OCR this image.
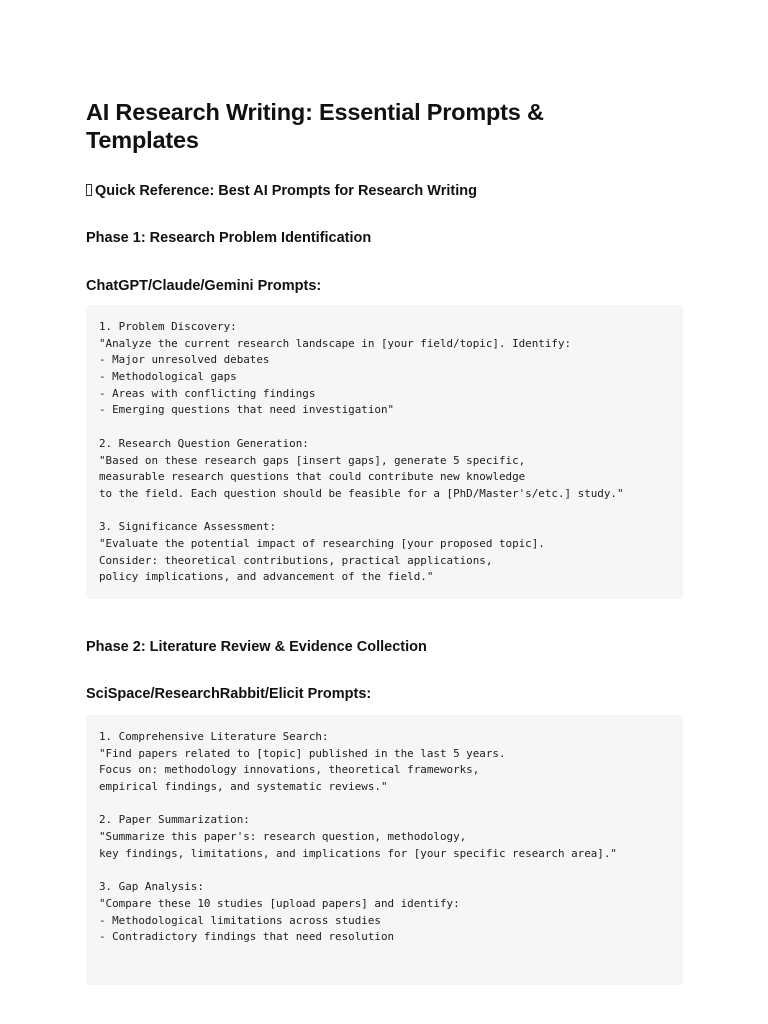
AI Research Writing: Essential Prompts & Templates
Quick Reference: Best AI Prompts for Research Writing
Phase 1: Research Problem Identification
ChatGPT/Claude/Gemini Prompts:
1. Problem Discovery:
"Analyze the current research landscape in [your field/topic]. Identify:
- Major unresolved debates
- Methodological gaps
- Areas with conflicting findings
- Emerging questions that need investigation"
2. Research Question Generation:
"Based on these research gaps [insert gaps], generate 5 specific,
measurable research questions that could contribute new knowledge
to the field. Each question should be feasible for a [PhD/Master's/etc.] study."
3. Significance Assessment:
"Evaluate the potential impact of researching [your proposed topic].
Consider: theoretical contributions, practical applications,
policy implications, and advancement of the field."
Phase 2: Literature Review & Evidence Collection
SciSpace/ResearchRabbit/Elicit Prompts:
1. Comprehensive Literature Search:
"Find papers related to [topic] published in the last 5 years.
Focus on: methodology innovations, theoretical frameworks,
empirical findings, and systematic reviews."
2. Paper Summarization:
"Summarize this paper's: research question, methodology,
key findings, limitations, and implications for [your specific research area]."
3. Gap Analysis:
"Compare these 10 studies [upload papers] and identify:
- Methodological limitations across studies
- Contradictory findings that need resolution
